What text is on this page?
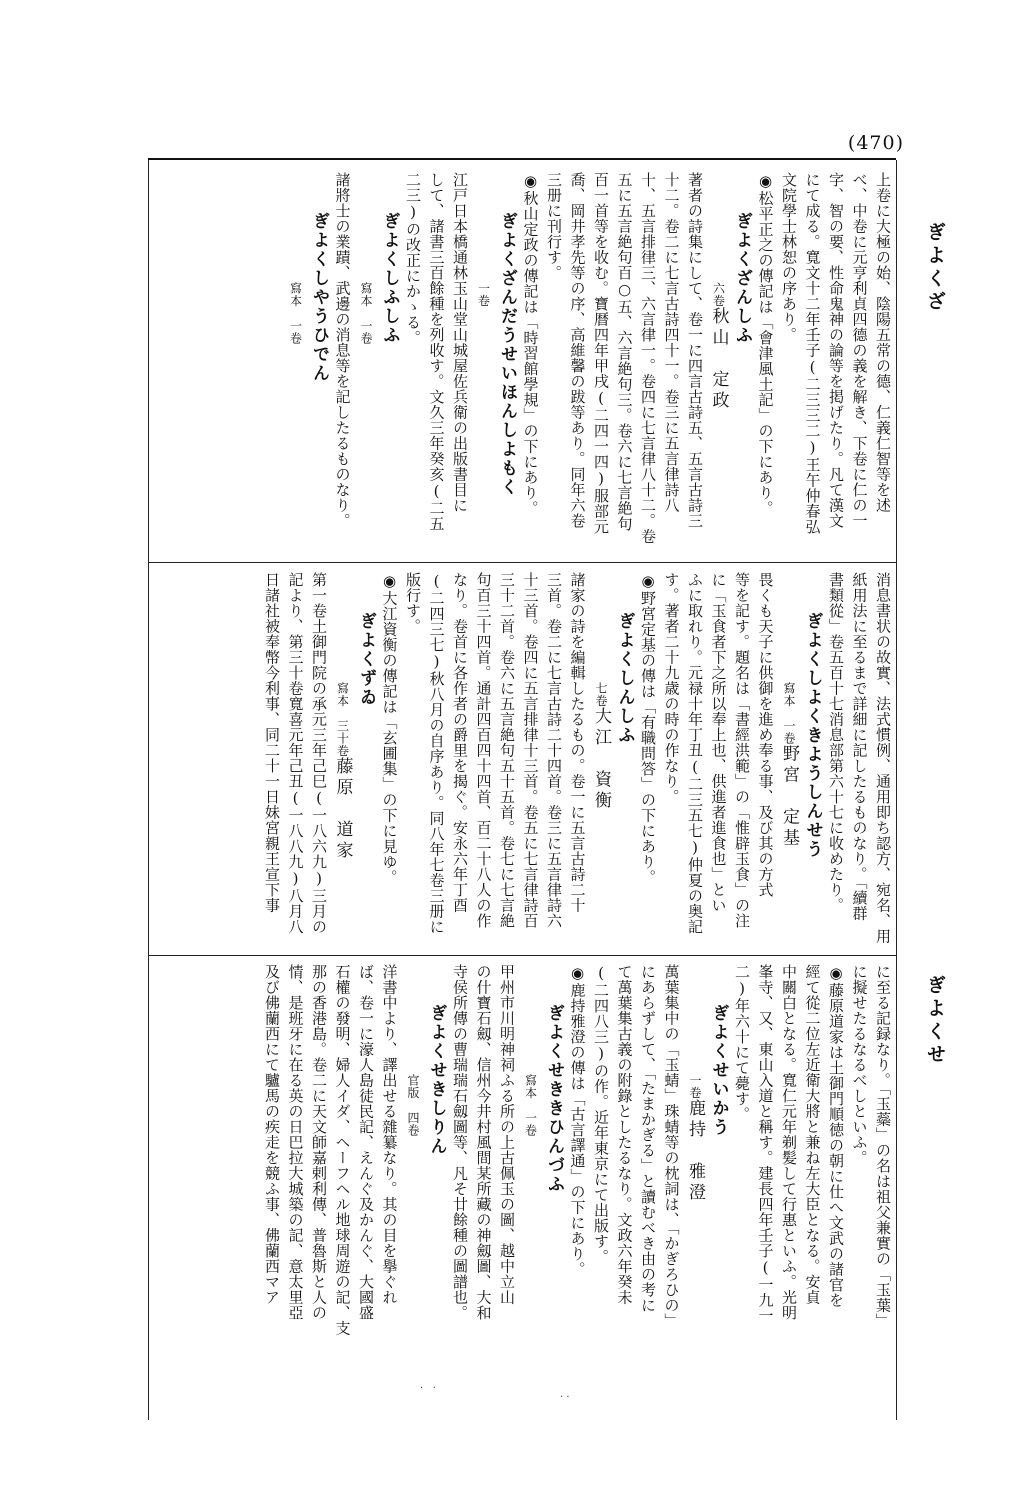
(470)
ぎよくざ
ぎよくせ
上卷に大極の始、陰陽五常の德、仁義仁智等を述
べ、中卷に元亨利貞四德の義を解き、下卷に仁の一
字、智の要、性命鬼神の論等を掲げたり。凡て漢文
にて成る。寬文十二年壬子(二三三二)王午仲春弘
文院學士林恕の序あり。
◉松平正之の傳記は「會津風土記」の下にあり。
ぎよくざんしふ
六卷秋山　定政
著者の詩集にして、卷一に四言古詩五、五言古詩三
十二。卷二に七言古詩四十一。卷三に五言律詩八
十、五言排律三、六言律一。卷四に七言律八十二。卷
五に五言絶句百○五、六言絶句三。卷六に七言絶句
百一首等を收む。寶暦四年甲戌(二四一四)服部元
喬、岡井孝先等の序、高維馨の跋等あり。同年六卷
三册に刊行す。
◉秋山定政の傳記は「時習館學規」の下にあり。
ぎよくざんだうせいほんしよもく
一卷
江戸日本橋通林玉山堂山城屋佐兵衛の出版書目に
して、諸書三百餘種を列收す。文久三年癸亥(二五
二三)の改正にかゝる。
ぎよくしふしふ
寫本　一卷
諸將士の業蹟、武邊の消息等を記したるものなり。
ぎよくしやうひでん
寫本　一卷
消息書状の故實、法式慣例、通用即ち認方、宛名、用
紙用法に至るまで詳細に記したるものなり。「續群
書類從」卷五百十七消息部第六十七に收めたり。
ぎよくしよくきようしんせう
寫本　一卷野宮　定基
畏くも天子に供御を進め奉る事、及び其の方式
等を記す。題名は「書經洪範」の「惟辟玉食」の注
に「玉食者下之所以奉上也、供進者進食也」とい
ふに取れり。元禄十年丁丑(二三五七)仲夏の奥記
す。著者二十九歳の時の作なり。
◉野宮定基の傳は「有職問答」の下にあり。
ぎよくしんしふ
七卷大江　資衡
諸家の詩を編輯したるもの。卷一に五言古詩二十
三首。卷二に七言古詩二十四首。卷三に五言律詩六
十三首。卷四に五言排律十三首。卷五に七言律詩百
三十二首。卷六に五言絶句五十五首。卷七に七言絶
句百三十四首。通計四百四十四首、百二十八人の作
なり。卷首に各作者の爵里を揭ぐ。安永六年丁酉
(二四三七)秋八月の自序あり。同八年七卷三册に
版行す。
◉大江資衡の傳記は「玄圃集」の下に見ゆ。
ぎよくずゐ
寫本　三十卷藤原　道家
第一卷土御門院の承元三年己巳(一八六九)三月の
記より、第三十卷寬喜元年己丑(一八八九)八月八
日諸社被奉幣今利事、同二十一日妹宮親王宣下事
に至る記録なり。「玉蘂」の名は祖父兼實の「玉葉」
に擬せたるなるべしといふ。
◉藤原道家は土御門順徳の朝に仕へ文武の諸官を
經て從二位左近衛大將と兼ね左大臣となる。安貞
中關白となる。寬仁元年剃髪して行惠といふ。光明
峯寺、又、東山入道と稱す。建長四年壬子(一九一
二)年六十にて薨す。
ぎよくせいかう
一卷鹿持　雅澄
萬葉集中の「玉蜻」珠蜻等の枕詞は、「かぎろひの」
にあらずして、「たまかぎる」と讀むべき由の考に
て萬葉集古義の附錄としたるなり。文政六年癸未
(二四八三)の作。近年東京にて出版す。
◉鹿持雅澄の傳は「古言譯通」の下にあり。
ぎよくせききひんづふ
寫本　一卷
甲州市川明神祠ふる所の上古佩玉の圖、越中立山
の什寶石劔、信州今井村風間某所藏の神劔圖、大和
寺侯所傳の曹瑞瑞石劔圖等、凡そ廿餘種の圖譜也。
ぎよくせきしりん
官版　四卷
洋書中より、譯出せる雜纂なり。其の目を擧ぐれ
ば、卷一に濠人島徒民記、えんぐ及かんぐ、大國盛
石權の發明、婦人イダ、ヘーフヘル地球周遊の記、支
那の香港島。卷二に天文師嘉剌利傳、普魯斯と人の
情、是班牙に在る英の日巴拉大城築の記、意太里亞
及び佛蘭西にて驢馬の疾走を競ふ事、佛蘭西マア
·   ·
· ·
